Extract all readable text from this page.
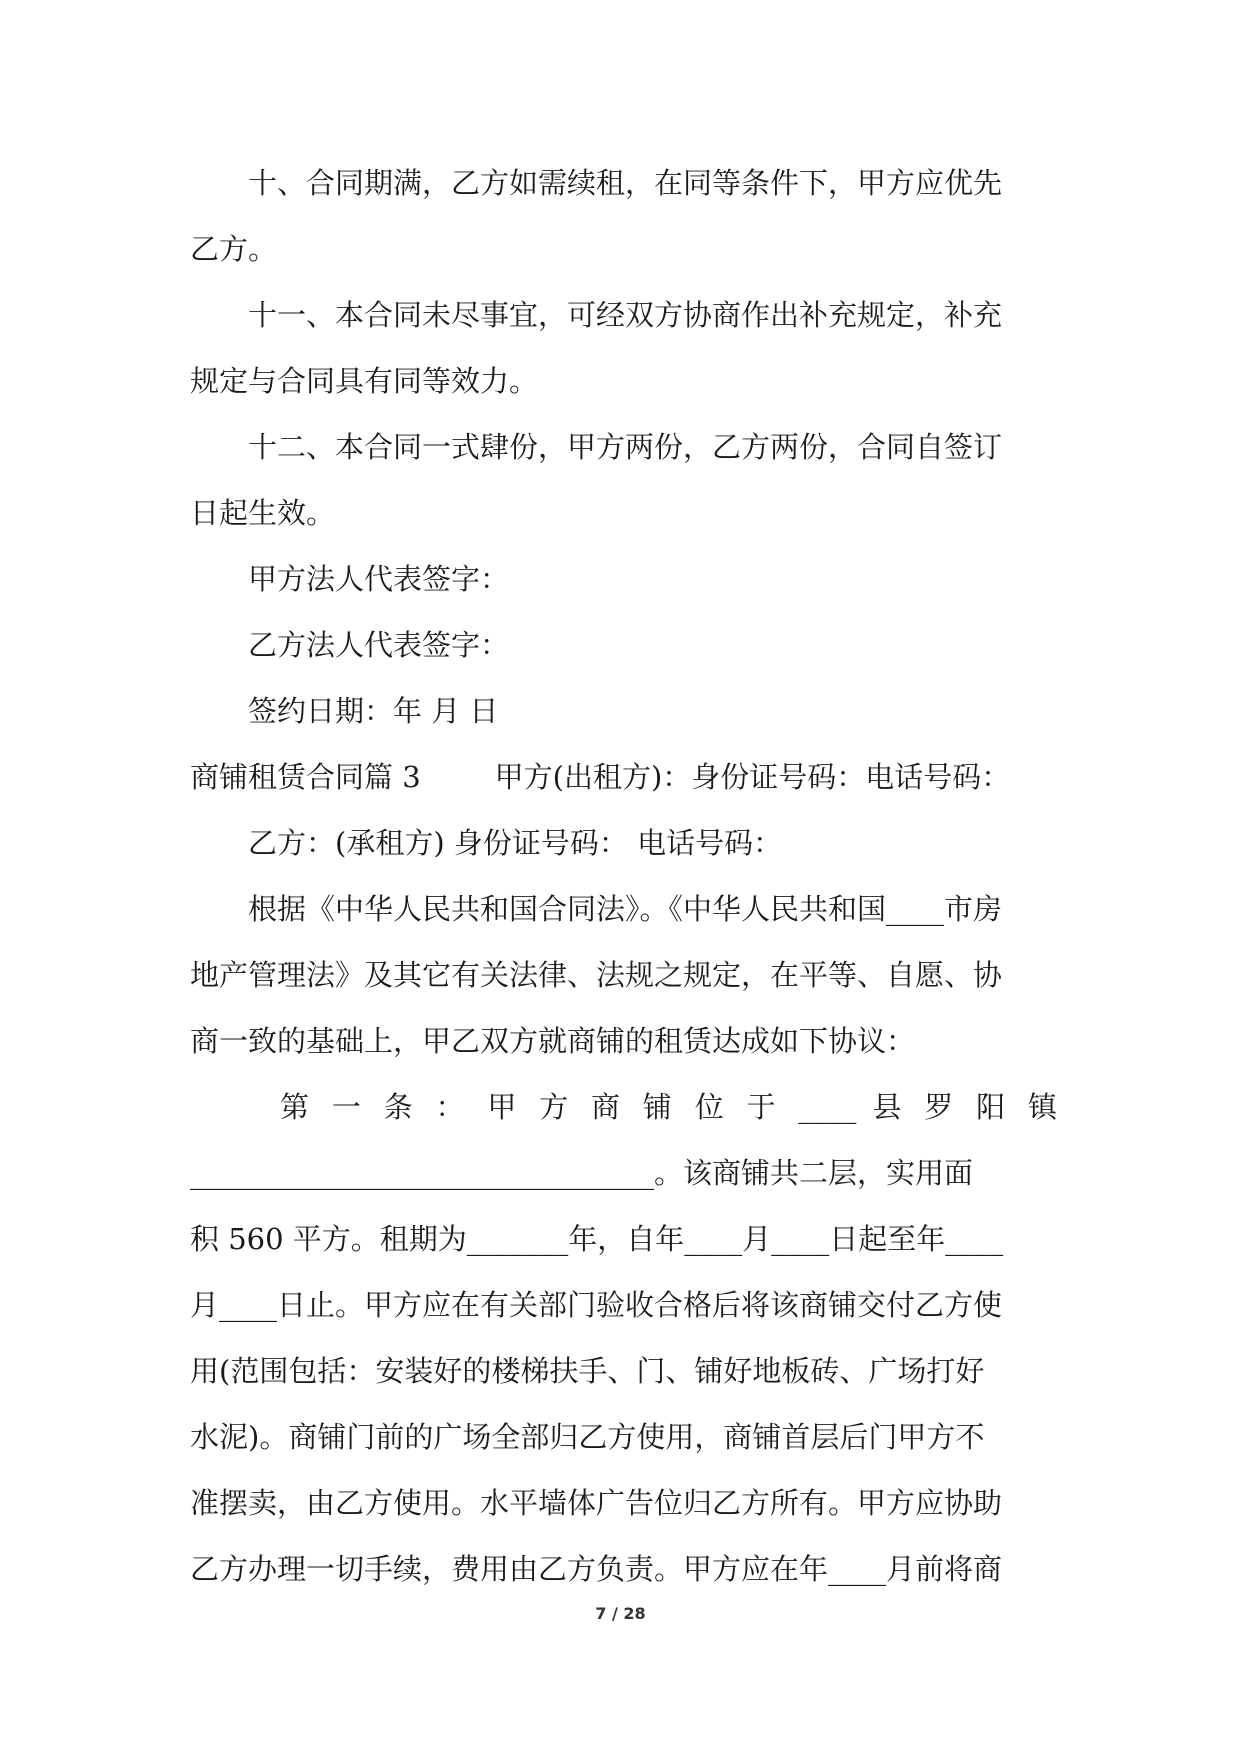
十、合同期满，乙方如需续租，在同等条件下，甲方应优先

乙方。

十一、本合同未尽事宜，可经双方协商作出补充规定，补充

规定与合同具有同等效力。

十二、本合同一式肆份，甲方两份，乙方两份，合同自签订

日起生效。

甲方法人代表签字：

乙方法人代表签字：

签约日期：年 月 日

商铺租赁合同篇 3	甲方(出租方)：身份证号码：电话号码：

乙方：(承租方) 身份证号码： 电话号码：

根据《中华人民共和国合同法》。《中华人民共和国____市房

地产管理法》及其它有关法律、法规之规定，在平等、自愿、协

商一致的基础上，甲乙双方就商铺的租赁达成如下协议：

第 一 条 ： 甲 方 商 铺 位 于 ____ 县 罗 阳 镇

________________________________。该商铺共二层，实用面

积 560 平方。租期为_______年，自年____月____日起至年____

月____日止。甲方应在有关部门验收合格后将该商铺交付乙方使

用(范围包括：安装好的楼梯扶手、门、铺好地板砖、广场打好

水泥)。商铺门前的广场全部归乙方使用，商铺首层后门甲方不

准摆卖，由乙方使用。水平墙体广告位归乙方所有。甲方应协助

乙方办理一切手续，费用由乙方负责。甲方应在年____月前将商

7 / 28
